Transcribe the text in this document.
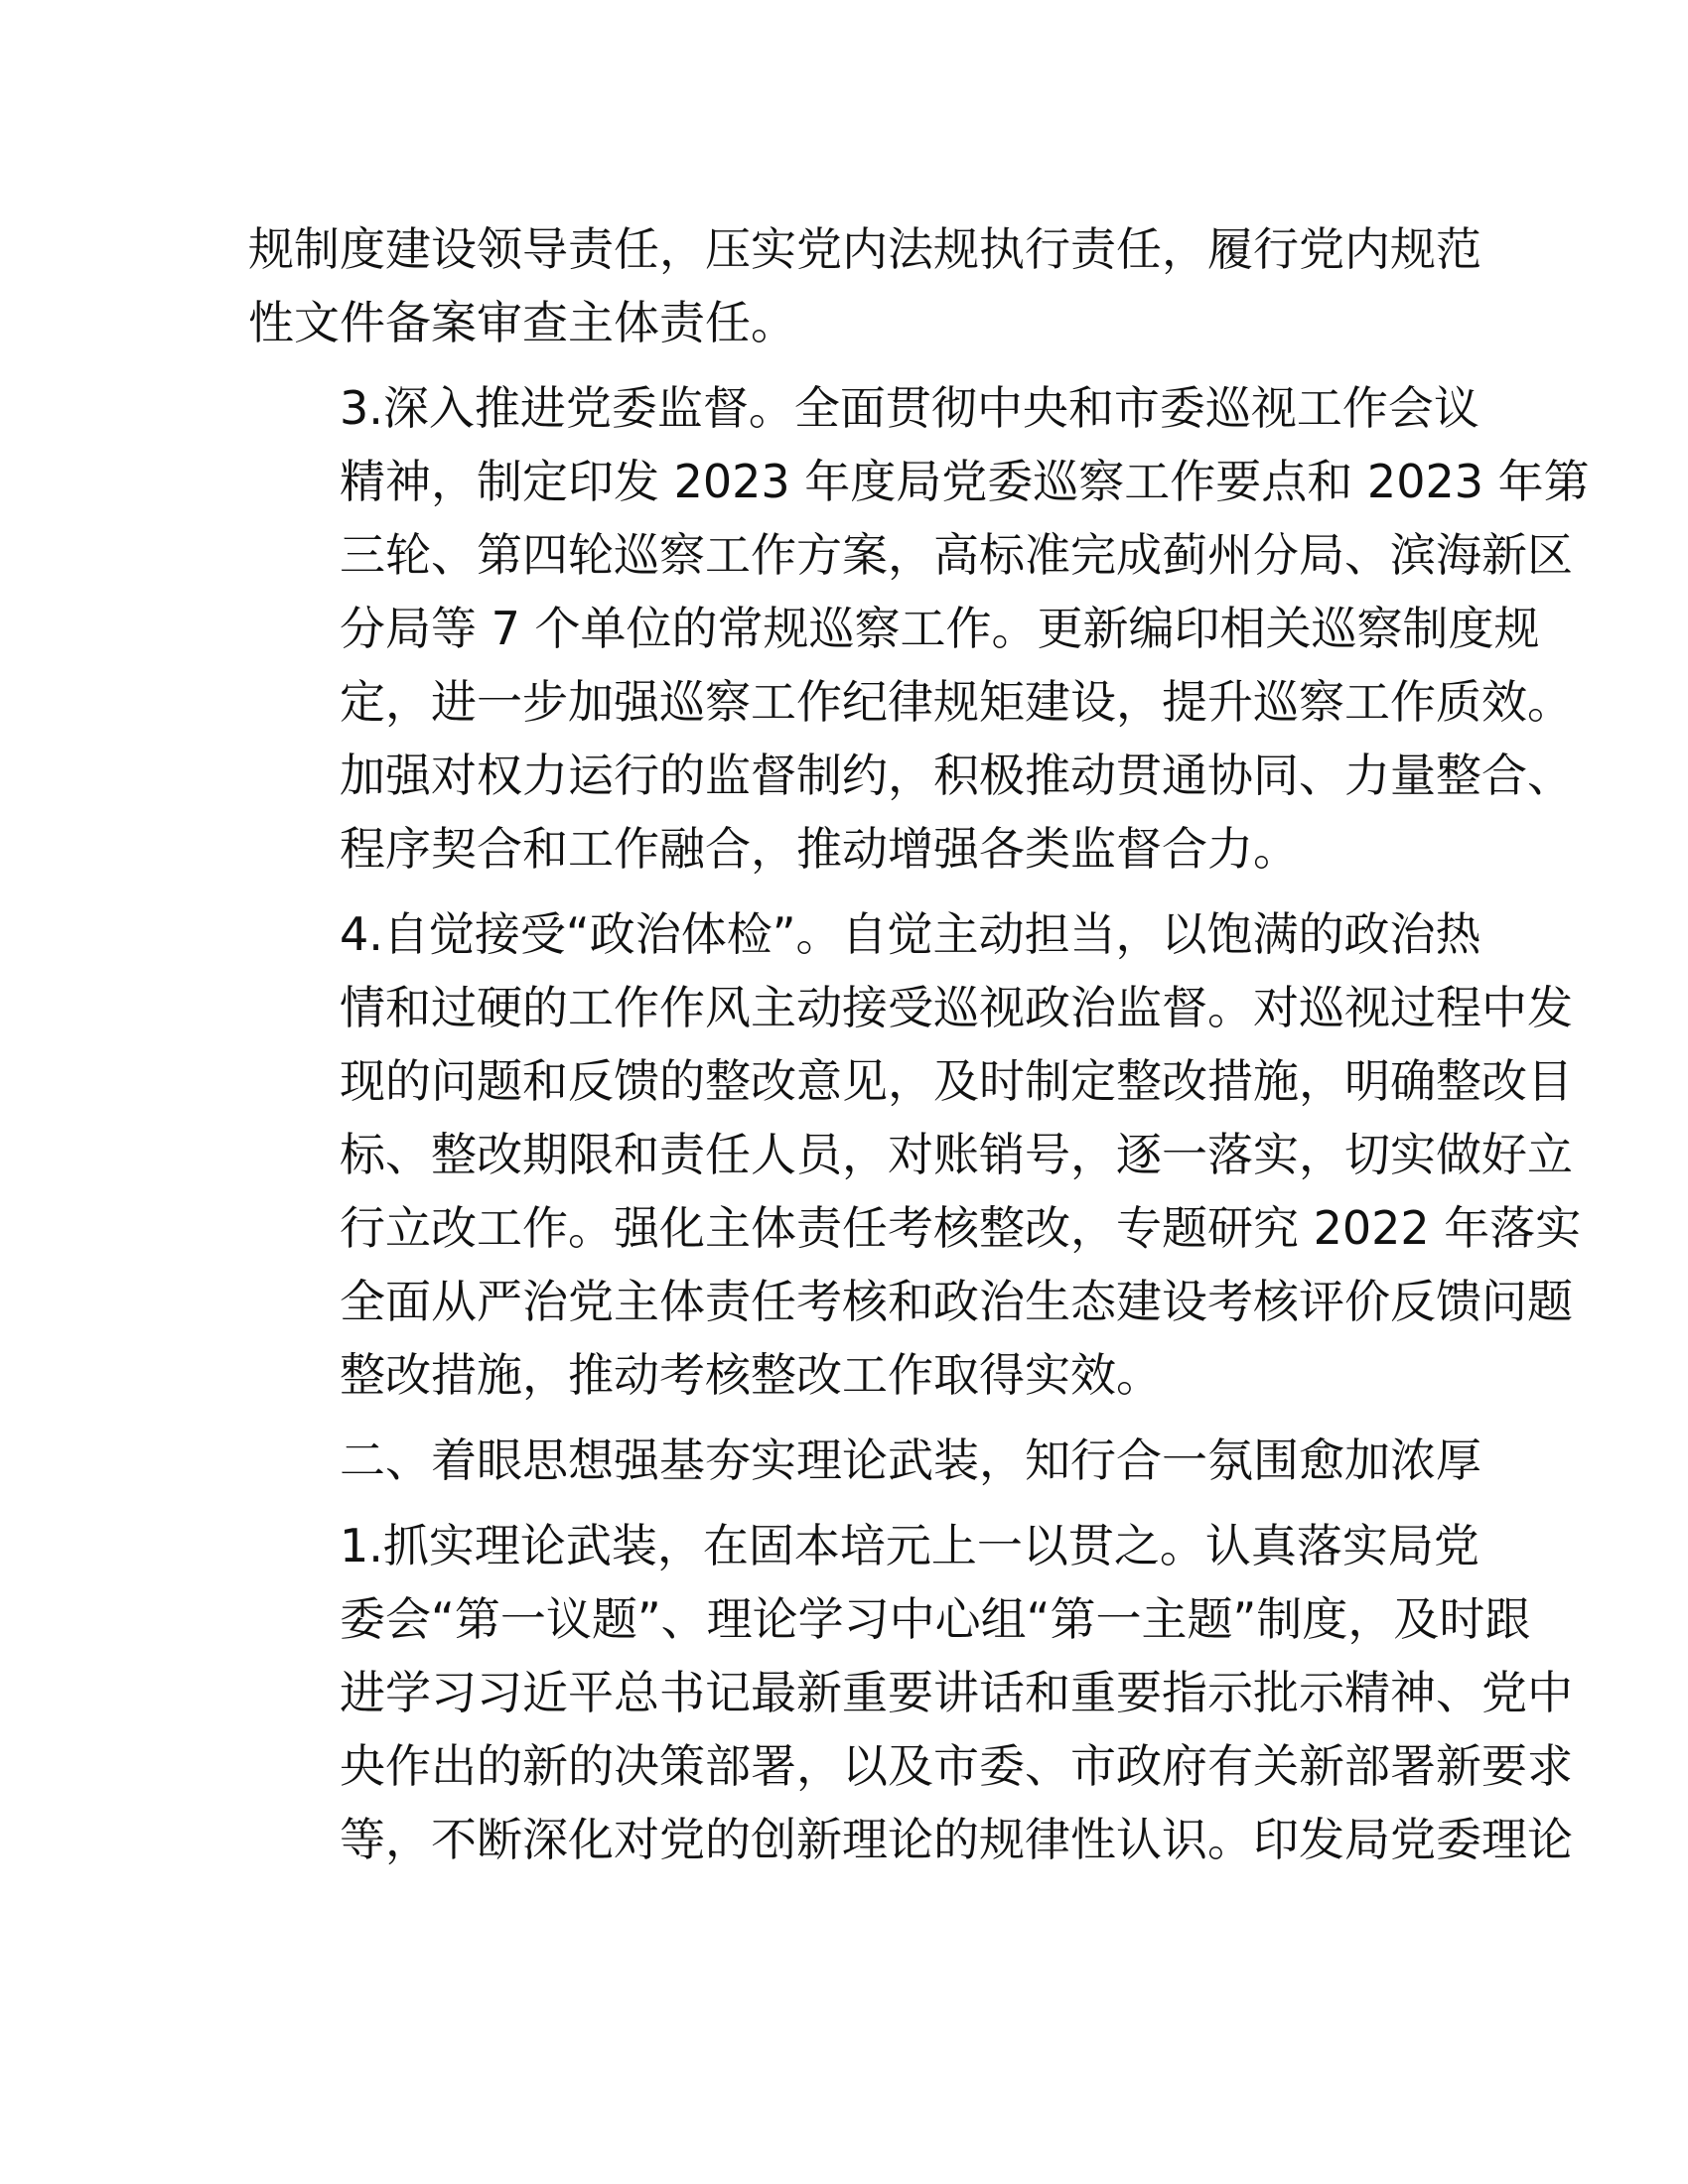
规制度建设领导责任，压实党内法规执行责任，履行党内规范
性文件备案审查主体责任。

3.深入推进党委监督。全面贯彻中央和市委巡视工作会议
精神，制定印发 2023 年度局党委巡察工作要点和 2023 年第
三轮、第四轮巡察工作方案，高标准完成蓟州分局、滨海新区
分局等 7 个单位的常规巡察工作。更新编印相关巡察制度规
定，进一步加强巡察工作纪律规矩建设，提升巡察工作质效。
加强对权力运行的监督制约，积极推动贯通协同、力量整合、
程序契合和工作融合，推动增强各类监督合力。

4.自觉接受“政治体检”。自觉主动担当，以饱满的政治热
情和过硬的工作作风主动接受巡视政治监督。对巡视过程中发
现的问题和反馈的整改意见，及时制定整改措施，明确整改目
标、整改期限和责任人员，对账销号，逐一落实，切实做好立
行立改工作。强化主体责任考核整改，专题研究 2022 年落实
全面从严治党主体责任考核和政治生态建设考核评价反馈问题
整改措施，推动考核整改工作取得实效。

二、着眼思想强基夯实理论武装，知行合一氛围愈加浓厚

1.抓实理论武装，在固本培元上一以贯之。认真落实局党
委会“第一议题”、理论学习中心组“第一主题”制度，及时跟
进学习习近平总书记最新重要讲话和重要指示批示精神、党中
央作出的新的决策部署，以及市委、市政府有关新部署新要求
等，不断深化对党的创新理论的规律性认识。印发局党委理论
